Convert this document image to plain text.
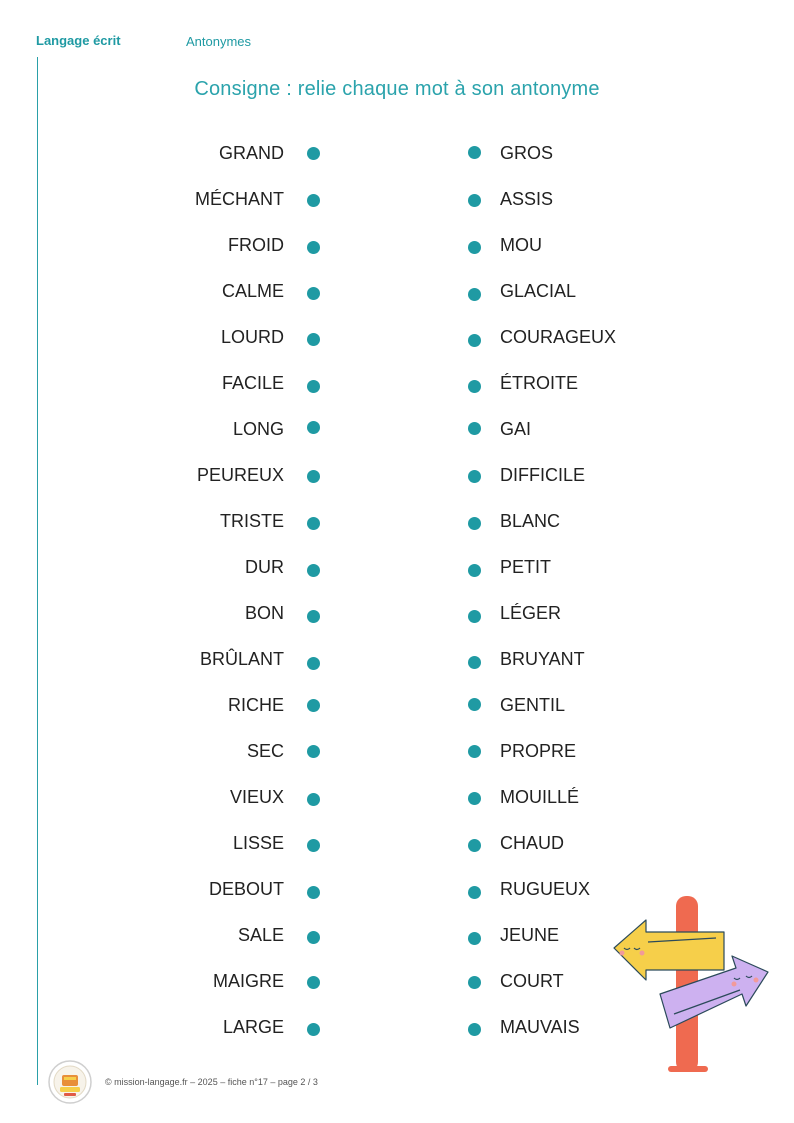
Langage écrit	Antonymes
Consigne : relie chaque mot à son antonyme
GRAND	GROS
MÉCHANT	ASSIS
FROID	MOU
CALME	GLACIAL
LOURD	COURAGEUX
FACILE	ÉTROITE
LONG	GAI
PEUREUX	DIFFICILE
TRISTE	BLANC
DUR	PETIT
BON	LÉGER
BRÛLANT	BRUYANT
RICHE	GENTIL
SEC	PROPRE
VIEUX	MOUILLÉ
LISSE	CHAUD
DEBOUT	RUGUEUX
SALE	JEUNE
MAIGRE	COURT
LARGE	MAUVAIS
© mission-langage.fr – 2025 – fiche n°17 – page 2 / 3
